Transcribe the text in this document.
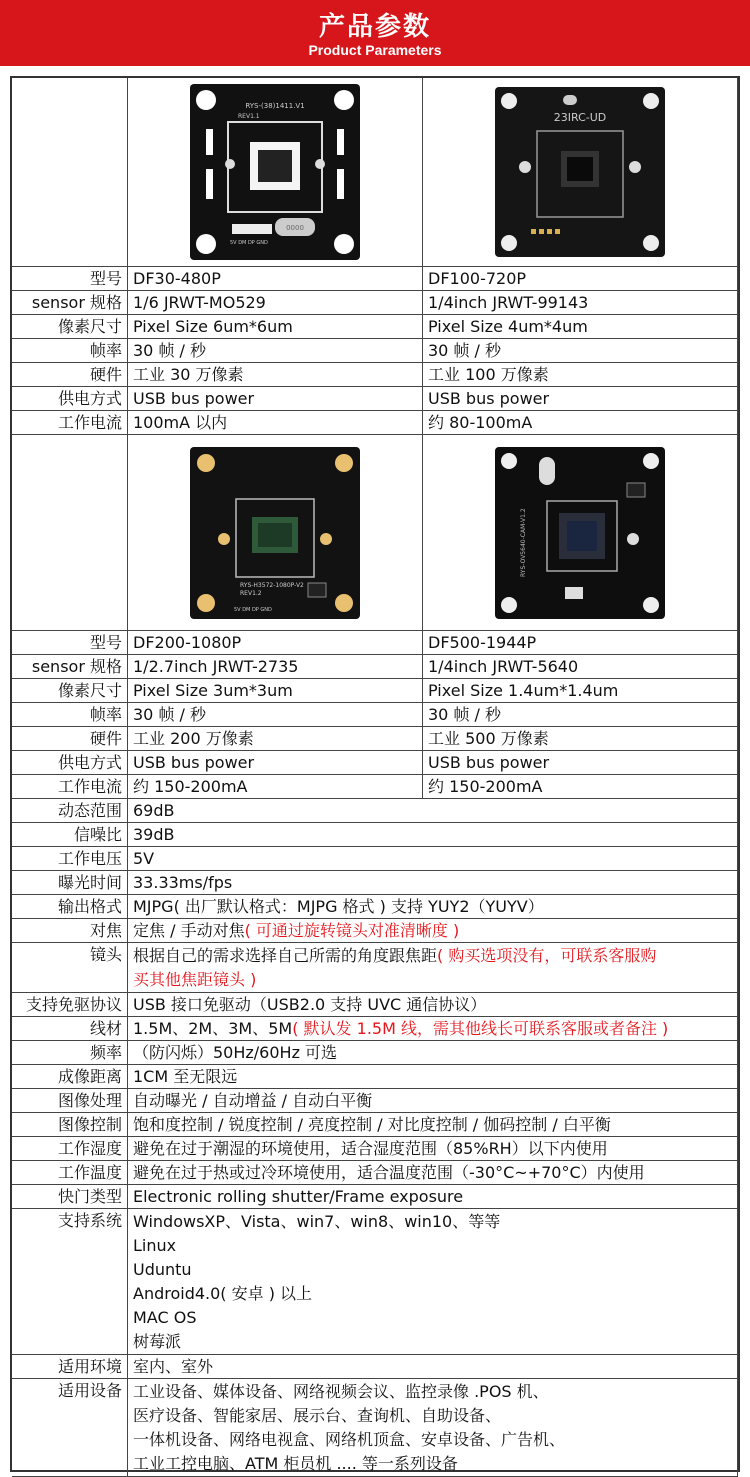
产品参数
Product Parameters
RYS-(38)1411.V1
REV1.1
0000
5V DM DP GND
23IRC-UD
RYS-H3572-1080P-V2
REV1.2
5V DM DP GND
RYS-OV5640-CAM-V1.2
型号 DF30-480P	DF100-720P
sensor 规格 1/6 JRWT-MO529	1/4inch JRWT-99143
像素尺寸 Pixel Size 6um*6um	Pixel Size 4um*4um
帧率 30 帧 / 秒	30 帧 / 秒
硬件 工业 30 万像素	工业 100 万像素
供电方式 USB bus power	USB bus power
工作电流 100mA 以内	约 80-100mA
型号 DF200-1080P	DF500-1944P
sensor 规格 1/2.7inch JRWT-2735	1/4inch JRWT-5640
像素尺寸 Pixel Size 3um*3um	Pixel Size 1.4um*1.4um
帧率 30 帧 / 秒	30 帧 / 秒
硬件 工业 200 万像素	工业 500 万像素
供电方式 USB bus power	USB bus power
工作电流 约 150-200mA	约 150-200mA
动态范围 69dB
信噪比 39dB
工作电压 5V
曝光时间 33.33ms/fps
输出格式 MJPG( 出厂默认格式：MJPG 格式 ) 支持 YUY2（YUYV）
对焦 定焦 / 手动对焦( 可通过旋转镜头对准清晰度 )
镜头 根据自己的需求选择自己所需的角度跟焦距( 购买选项没有，可联系客服购
买其他焦距镜头 )
支持免驱协议 USB 接口免驱动（USB2.0 支持 UVC 通信协议）
线材 1.5M、2M、3M、5M( 默认发 1.5M 线，需其他线长可联系客服或者备注 )
频率 （防闪烁）50Hz/60Hz 可选
成像距离 1CM 至无限远
图像处理 自动曝光 / 自动增益 / 自动白平衡
图像控制 饱和度控制 / 锐度控制 / 亮度控制 / 对比度控制 / 伽码控制 / 白平衡
工作湿度 避免在过于潮湿的环境使用，适合湿度范围（85%RH）以下内使用
工作温度 避免在过于热或过冷环境使用，适合温度范围（-30°C~+70°C）内使用
快门类型 Electronic rolling shutter/Frame exposure
支持系统 WindowsXP、Vista、win7、win8、win10、等等
Linux
Uduntu
Android4.0( 安卓 ) 以上
MAC OS
树莓派
适用环境 室内、室外
适用设备 工业设备、媒体设备、网络视频会议、监控录像 .POS 机、
医疗设备、智能家居、展示台、查询机、自助设备、
一体机设备、网络电视盒、网络机顶盒、安卓设备、广告机、
工业工控电脑、ATM 柜员机 .... 等一系列设备
